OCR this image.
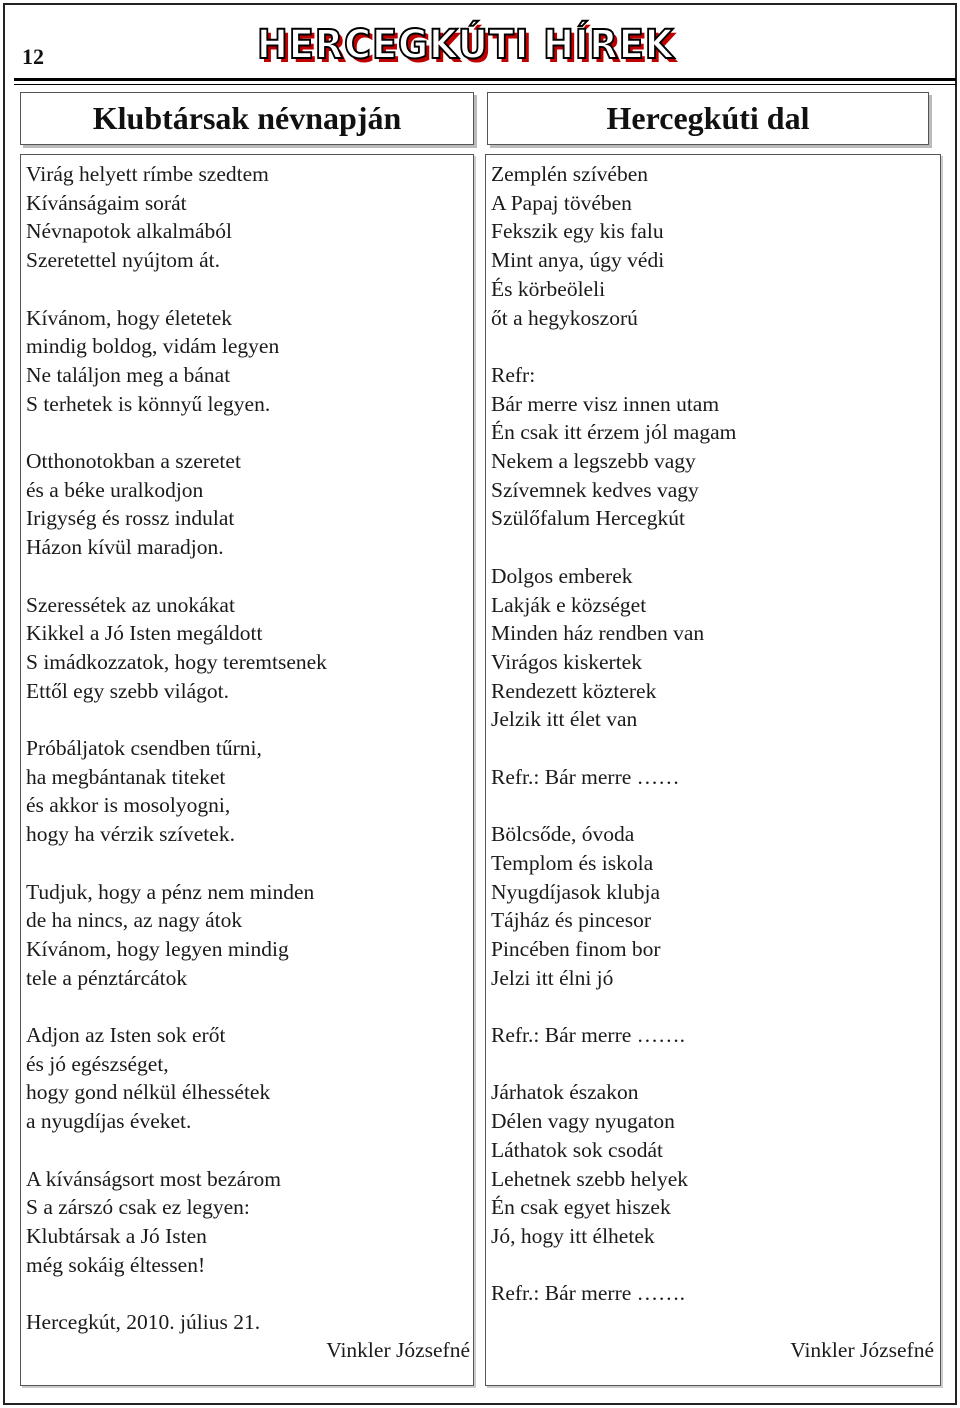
12	HERCEGKÚTI HÍREK
Klubtársak névnapján	Hercegkúti dal
Virág helyett rímbe szedtem
Kívánságaim sorát
Névnapotok alkalmából
Szeretettel nyújtom át.
Kívánom, hogy életetek
mindig boldog, vidám legyen
Ne találjon meg a bánat
S terhetek is könnyű legyen.
Otthonotokban a szeretet
és a béke uralkodjon
Irigység és rossz indulat
Házon kívül maradjon.
Szeressétek az unokákat
Kikkel a Jó Isten megáldott
S imádkozzatok, hogy teremtsenek
Ettől egy szebb világot.
Próbáljatok csendben tűrni,
ha megbántanak titeket
és akkor is mosolyogni,
hogy ha vérzik szívetek.
Tudjuk, hogy a pénz nem minden
de ha nincs, az nagy átok
Kívánom, hogy legyen mindig
tele a pénztárcátok
Adjon az Isten sok erőt
és jó egészséget,
hogy gond nélkül élhessétek
a nyugdíjas éveket.
A kívánságsort most bezárom
S a zárszó csak ez legyen:
Klubtársak a Jó Isten
még sokáig éltessen!
Hercegkút, 2010. július 21.
Zemplén szívében
A Papaj tövében
Fekszik egy kis falu
Mint anya, úgy védi
És körbeöleli
őt a hegykoszorú
Refr:
Bár merre visz innen utam
Én csak itt érzem jól magam
Nekem a legszebb vagy
Szívemnek kedves vagy
Szülőfalum Hercegkút
Dolgos emberek
Lakják e községet
Minden ház rendben van
Virágos kiskertek
Rendezett közterek
Jelzik itt élet van
Refr.: Bár merre ……
Bölcsőde, óvoda
Templom és iskola
Nyugdíjasok klubja
Tájház és pincesor
Pincében finom bor
Jelzi itt élni jó
Refr.: Bár merre …….
Járhatok északon
Délen vagy nyugaton
Láthatok sok csodát
Lehetnek szebb helyek
Én csak egyet hiszek
Jó, hogy itt élhetek
Refr.: Bár merre …….
Vinkler Józsefné	Vinkler Józsefné
